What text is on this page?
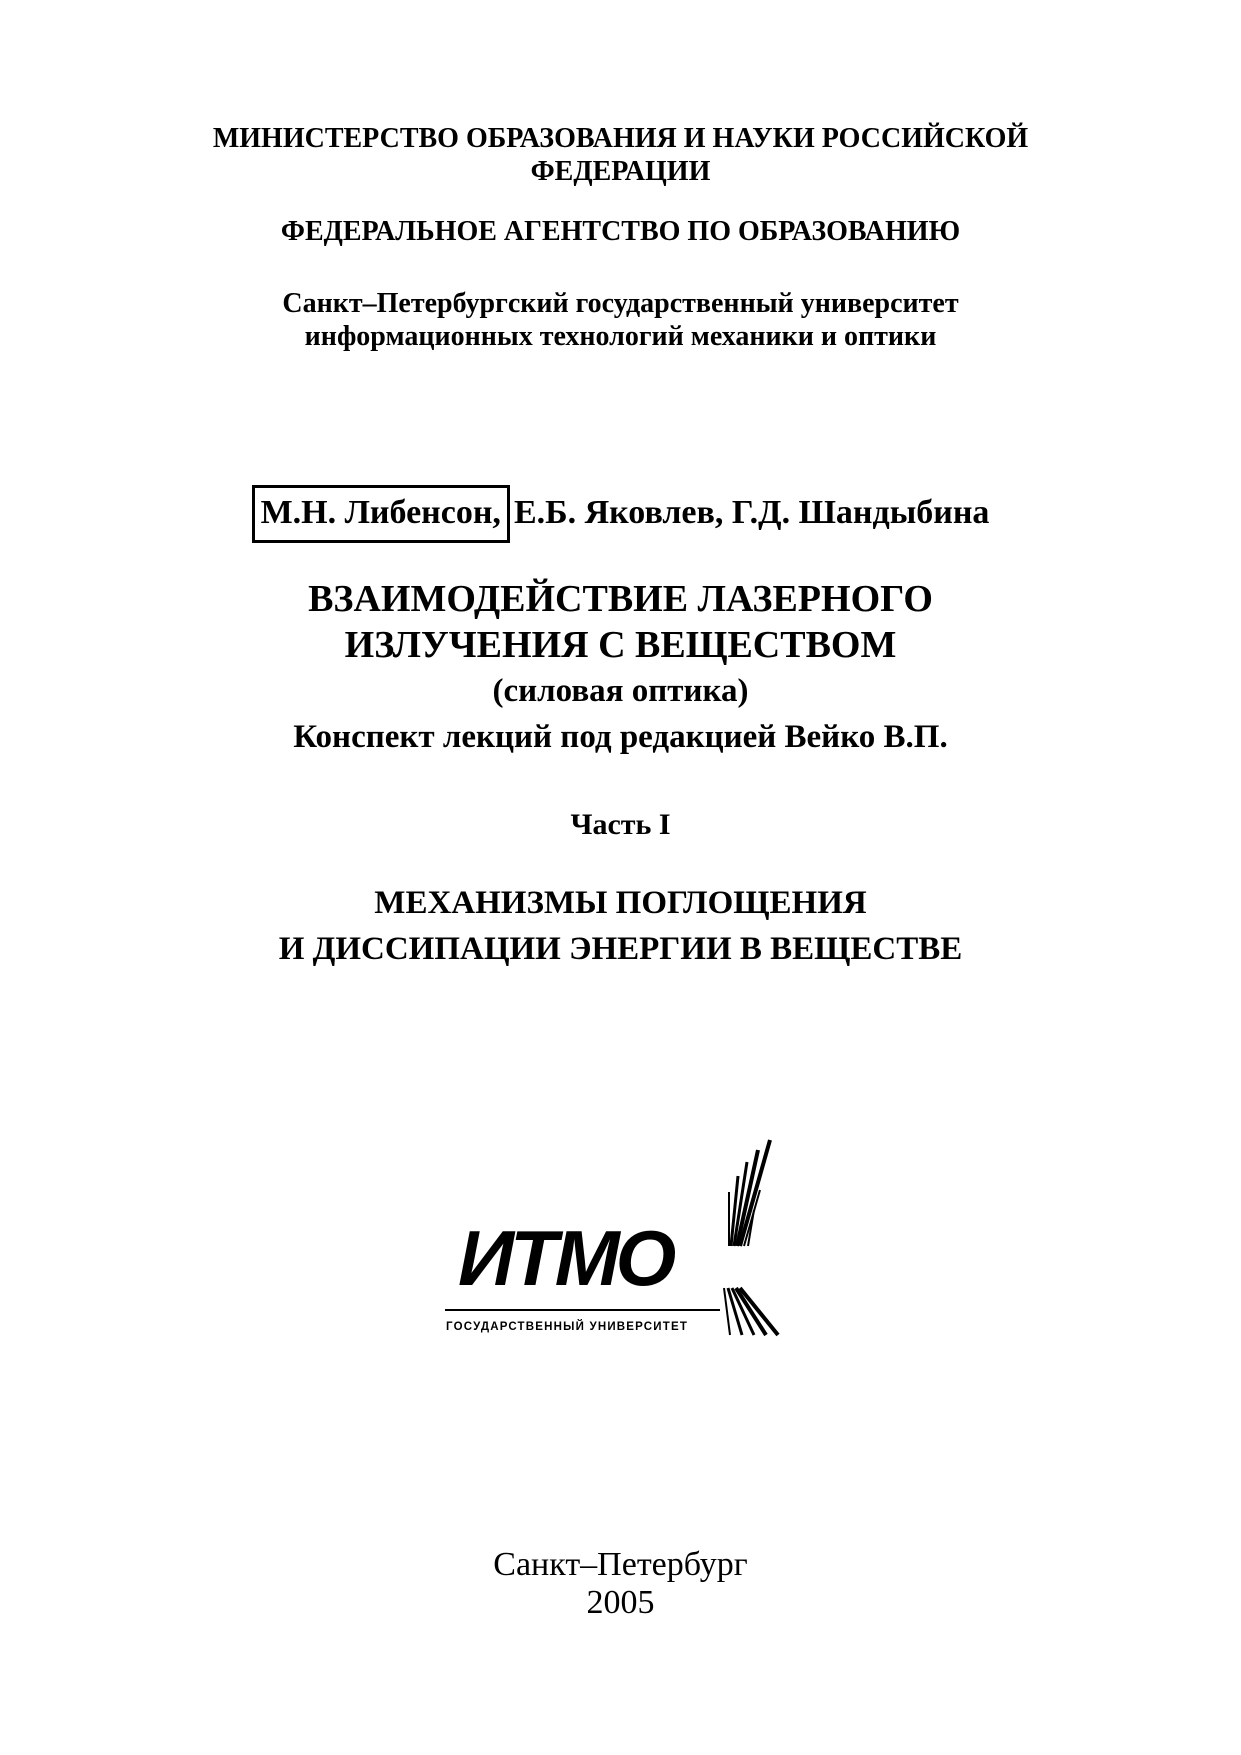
МИНИСТЕРСТВО ОБРАЗОВАНИЯ И НАУКИ РОССИЙСКОЙ
ФЕДЕРАЦИИ
ФЕДЕРАЛЬНОЕ АГЕНТСТВО ПО ОБРАЗОВАНИЮ
Санкт–Петербургский государственный университет
информационных технологий механики и оптики
М.Н. Либенсон, Е.Б. Яковлев, Г.Д. Шандыбина
ВЗАИМОДЕЙСТВИЕ ЛАЗЕРНОГО
ИЗЛУЧЕНИЯ С ВЕЩЕСТВОМ
(силовая оптика)
Конспект лекций под редакцией Вейко В.П.
Часть I
МЕХАНИЗМЫ ПОГЛОЩЕНИЯ
И ДИССИПАЦИИ ЭНЕРГИИ В ВЕЩЕСТВЕ
ИТМО
ГОСУДАРСТВЕННЫЙ УНИВЕРСИТЕТ
Санкт–Петербург
2005
